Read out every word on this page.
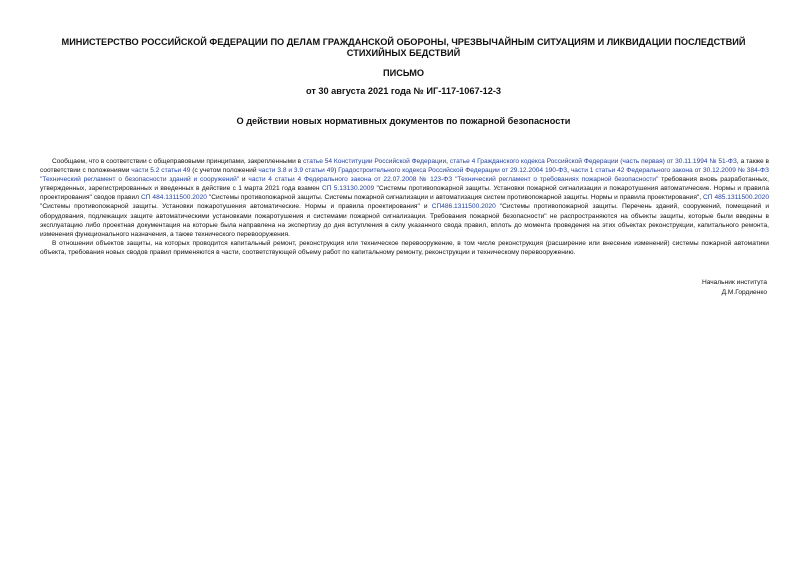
МИНИСТЕРСТВО РОССИЙСКОЙ ФЕДЕРАЦИИ ПО ДЕЛАМ ГРАЖДАНСКОЙ ОБОРОНЫ, ЧРЕЗВЫЧАЙНЫМ СИТУАЦИЯМ И ЛИКВИДАЦИИ ПОСЛЕДСТВИЙ СТИХИЙНЫХ БЕДСТВИЙ
ПИСЬМО
от 30 августа 2021 года № ИГ-117-1067-12-3
О действии новых нормативных документов по пожарной безопасности

Сообщаем, что в соответствии с общеправовыми принципами, закрепленными в статье 54 Конституции Российской Федерации, статье 4 Гражданского кодекса Российской Федерации (часть первая) от 30.11.1994 № 51-ФЗ, а также в соответствии с положениями части 5.2 статьи 49 (с учетом положений части 3.8 и 3.9 статьи 49) Градостроительного кодекса Российской Федерации от 29.12.2004 190-ФЗ, части 1 статьи 42 Федерального закона от 30.12.2009 № 384-ФЗ "Технический регламент о безопасности зданий и сооружений" и части 4 статьи 4 Федерального закона от 22.07.2008 № 123-ФЗ "Технический регламент о требованиях пожарной безопасности" требования вновь разработанных, утвержденных, зарегистрированных и введенных в действие с 1 марта 2021 года взамен СП 5.13130.2009 "Системы противопожарной защиты. Установки пожарной сигнализации и пожаротушения автоматические. Нормы и правила проектирования" сводов правил СП 484.1311500.2020 "Системы противопожарной защиты. Системы пожарной сигнализации и автоматизация систем противопожарной защиты. Нормы и правила проектирования", СП 485.1311500.2020 "Системы противопожарной защиты. Установки пожаротушения автоматические. Нормы и правила проектирования" и СП486.1311500.2020 "Системы противопожарной защиты. Перечень зданий, сооружений, помещений и оборудования, подлежащих защите автоматическими установками пожаротушения и системами пожарной сигнализации. Требования пожарной безопасности" не распространяются на объекты защиты, которые были введены в эксплуатацию либо проектная документация на которые была направлена на экспертизу до дня вступления в силу указанного свода правил, вплоть до момента проведения на этих объектах реконструкции, капитального ремонта, изменения функционального назначения, а также технического перевооружения.

В отношении объектов защиты, на которых проводится капитальный ремонт, реконструкция или техническое перевооружение, в том числе реконструкция (расширение или внесение изменений) системы пожарной автоматики объекта, требования новых сводов правил применяются в части, соответствующей объему работ по капитальному ремонту, реконструкции и техническому перевооружению.

Начальник института
Д.М.Гордиенко
